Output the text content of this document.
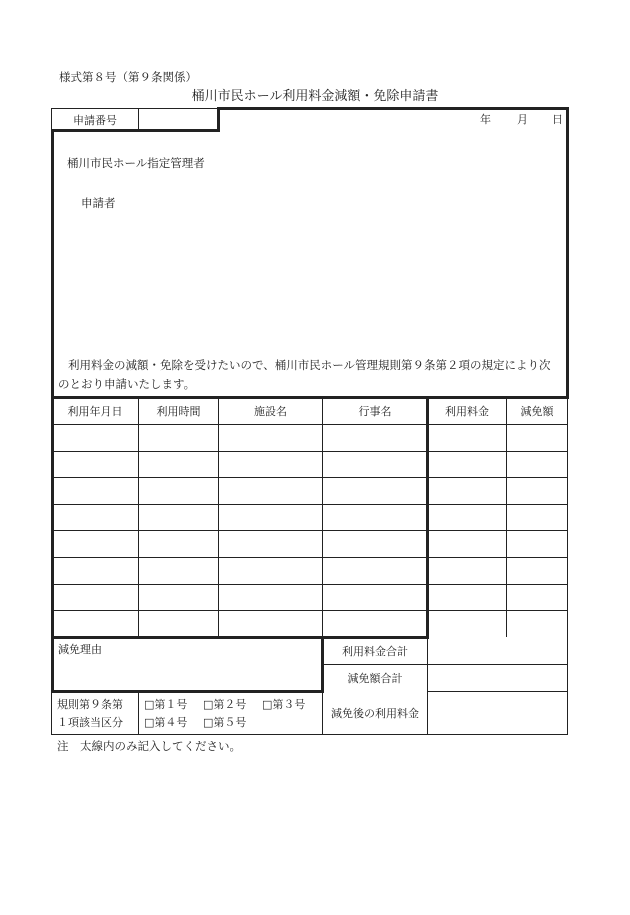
様式第８号（第９条関係）
桶川市民ホール利用料金減額・免除申請書
申請番号	年 月 日
桶川市民ホール指定管理者
申請者
利用料金の減額・免除を受けたいので、桶川市民ホール管理規則第９条第２項の規定により次
のとおり申請いたします。
利用年月日	利用時間	施設名	行事名	利用料金	減免額
減免理由	利用料金合計
減免額合計
減免後の利用料金
規則第９条第
１項該当区分
□第１号 □第２号 □第３号
□第４号 □第５号
注　太線内のみ記入してください。
